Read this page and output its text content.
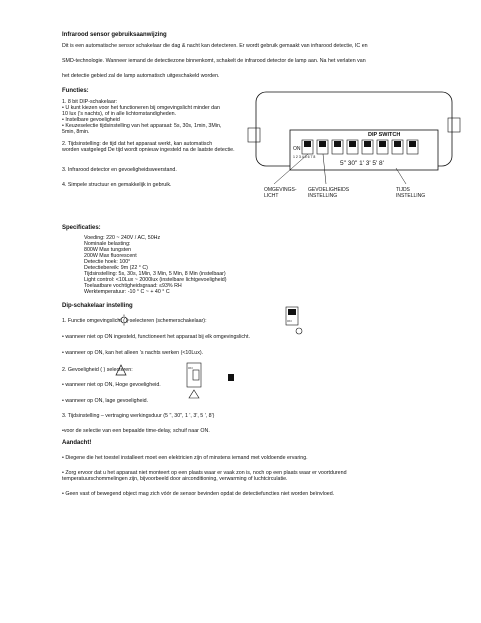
Infrarood sensor gebruiksaanwijzing
Dit is een automatische sensor schakelaar die dag & nacht kan detecteren. Er wordt gebruik gemaakt van infrarood detectie, IC en
SMD-technologie. Wanneer iemand de detectiezone binnenkomt, schakelt de infrarood detector de lamp aan. Na het verlaten van
het detectie gebied zal de lamp automatisch uitgeschakeld worden.
Functies:
1. 8 bit DIP-schakelaar:
• U kunt kiezen voor het functioneren bij omgevingslicht minder dan
10 lux ('s nachts), of in alle lichtomstandigheden.
• Instelbare gevoeligheid
• Keuzeselectie tijdsinstelling van het apparaat: 5s, 30s, 1min, 3Min,
5min, 8min.
2. Tijdsinstelling: de tijd dat het apparaat werkt, kan automatisch
worden vastgelegd De tijd wordt opnieuw ingesteld na de laatste detectie.
3. Infrarood detector en gevoeligheidsweerstand.
4. Simpele structuur en gemakkelijk in gebruik.
DIP SWITCH
ON
1 2 3 4 5 6 7 8
5" 30" 1' 3' 5' 8'
OMGEVINGS- LICHT
GEVOELIGHEIDS INSTELLING
TIJDS INSTELLING
Specificaties:
Voeding: 220 ~ 240V / AC, 50Hz
Nominale belasting:
800W Max tungsten
200W Max fluorescent
Detectie hoek: 100°
Detectiebereik: 9m (22 ° C)
Tijdsinstelling: 5s, 30s, 1Min, 3 Min, 5 Min, 8 Min (instelbaar)
Light control: <10Lux ~ 2000lux (instelbare lichtgevoeligheid)
Toelaatbare vochtigheidsgraad: ≤93% RH
Werktemperatuur: -10 ° C ~ + 40 ° C
Dip-schakelaar instelling
1. Functie omgevingslicht ( ) selecteren (schemerschakelaar):
• wanneer niet op ON ingesteld, functioneert het apparaat bij elk omgevingslicht.
• wanneer op ON, kan het alleen 's nachts werken (<10Lux).
2. Gevoeligheid ( ) selecteren:
• wanneer niet op ON, Hoge gevoeligheid.
• wanneer op ON, lage gevoeligheid.
3. Tijdsinstelling – vertraging werkingsduur (5 ", 30", 1 ', 3', 5 ', 8')
•voor de selectie van een bepaalde time-delay, schuif naar ON.
ON
ON
Aandacht!
• Diegene die het toestel installeert moet een elektricien zijn of minstens iemand met voldoende ervaring.
• Zorg ervoor dat u het apparaat niet monteert op een plaats waar er vaak zon is, noch op een plaats waar er voortdurend
temperatuurschommelingen zijn, bijvoorbeeld door airconditioning, verwarming of luchtcirculatie.
• Geen vast of bewegend object mag zich vóór de sensor bevinden opdat de detectiefuncties niet worden beïnvloed.
